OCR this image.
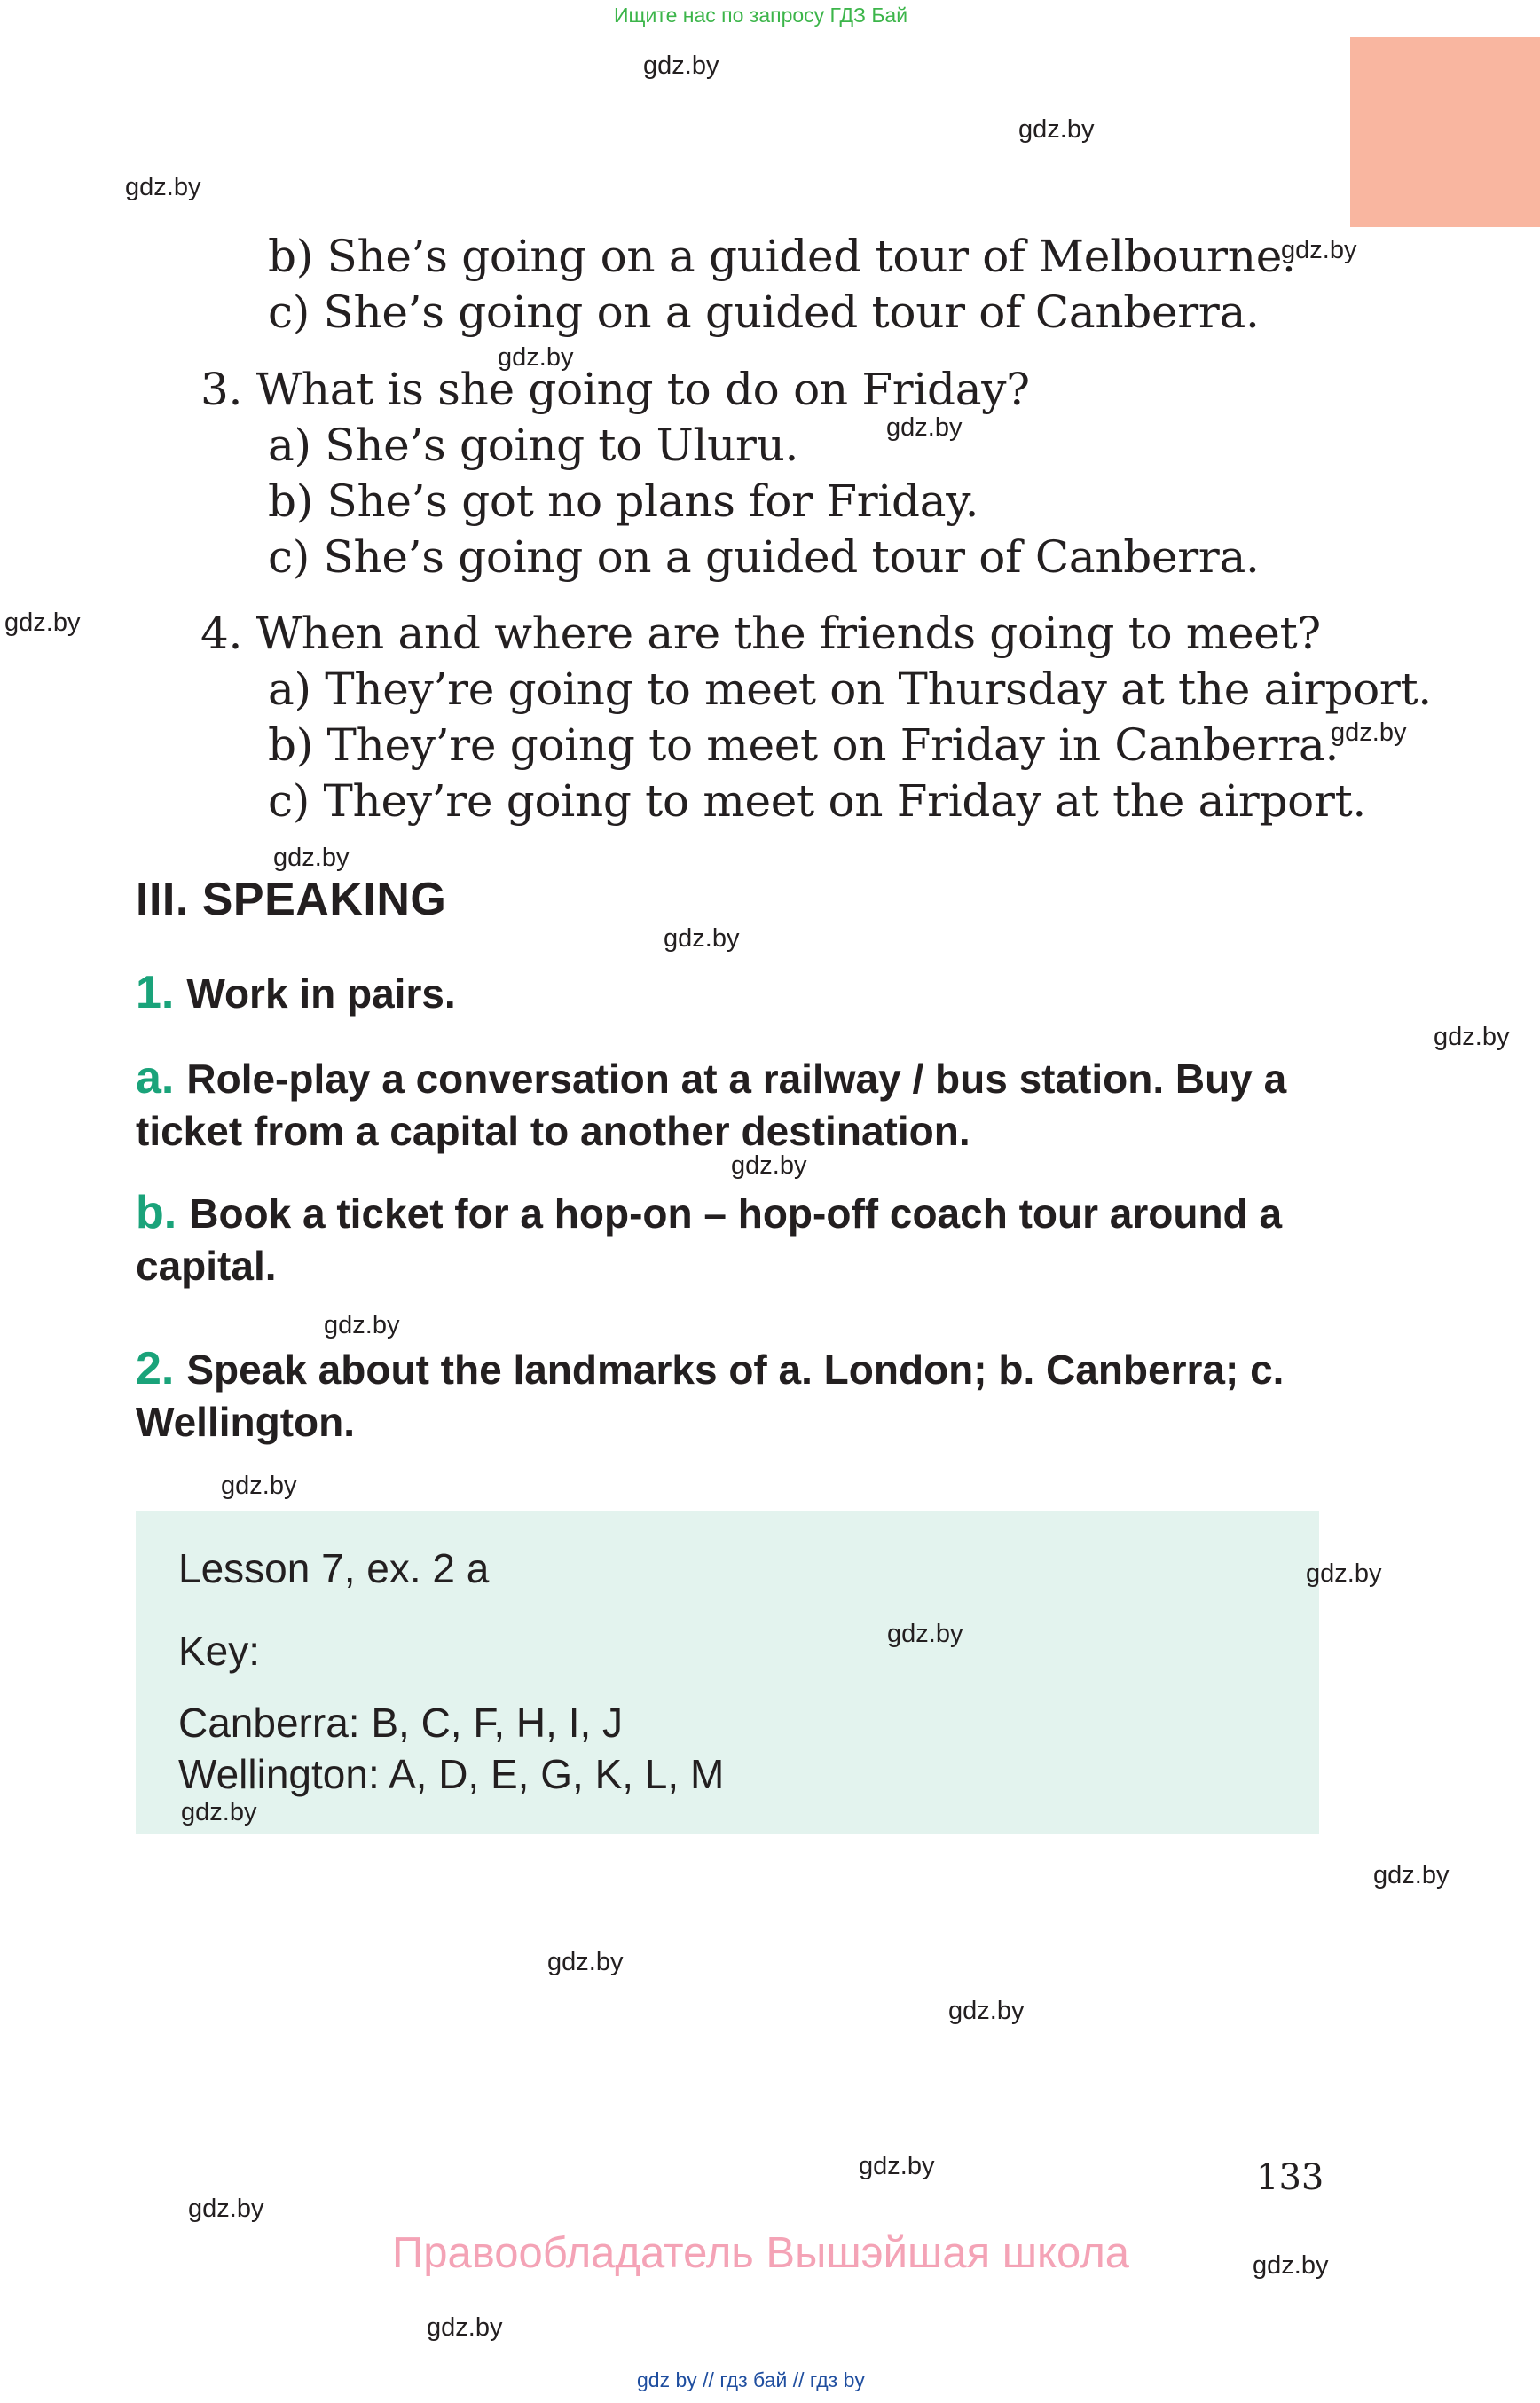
Ищите нас по запросу ГДЗ Бай
b) She’s going on a guided tour of Melbourne.
c) She’s going on a guided tour of Canberra.
3. What is she going to do on Friday?
a) She’s going to Uluru.
b) She’s got no plans for Friday.
c) She’s going on a guided tour of Canberra.
4. When and where are the friends going to meet?
a) They’re going to meet on Thursday at the airport.
b) They’re going to meet on Friday in Canberra.
c) They’re going to meet on Friday at the airport.
III. SPEAKING
1. Work in pairs.
a. Role-play a conversation at a railway / bus station. Buy a ticket from a capital to another destination.
b. Book a ticket for a hop-on – hop-off coach tour around a capital.
2. Speak about the landmarks of a. London; b. Canberra; c. Wellington.
Lesson 7, ex. 2 a
Key:
Canberra: B, C, F, H, I, J
Wellington: A, D, E, G, K, L, M
133
Правообладатель Вышэйшая школа
gdz by // гдз бай // гдз by
gdz.by
gdz.by
gdz.by
gdz.by
gdz.by
gdz.by
gdz.by
gdz.by
gdz.by
gdz.by
gdz.by
gdz.by
gdz.by
gdz.by
gdz.by
gdz.by
gdz.by
gdz.by
gdz.by
gdz.by
gdz.by
gdz.by
gdz.by
gdz.by
